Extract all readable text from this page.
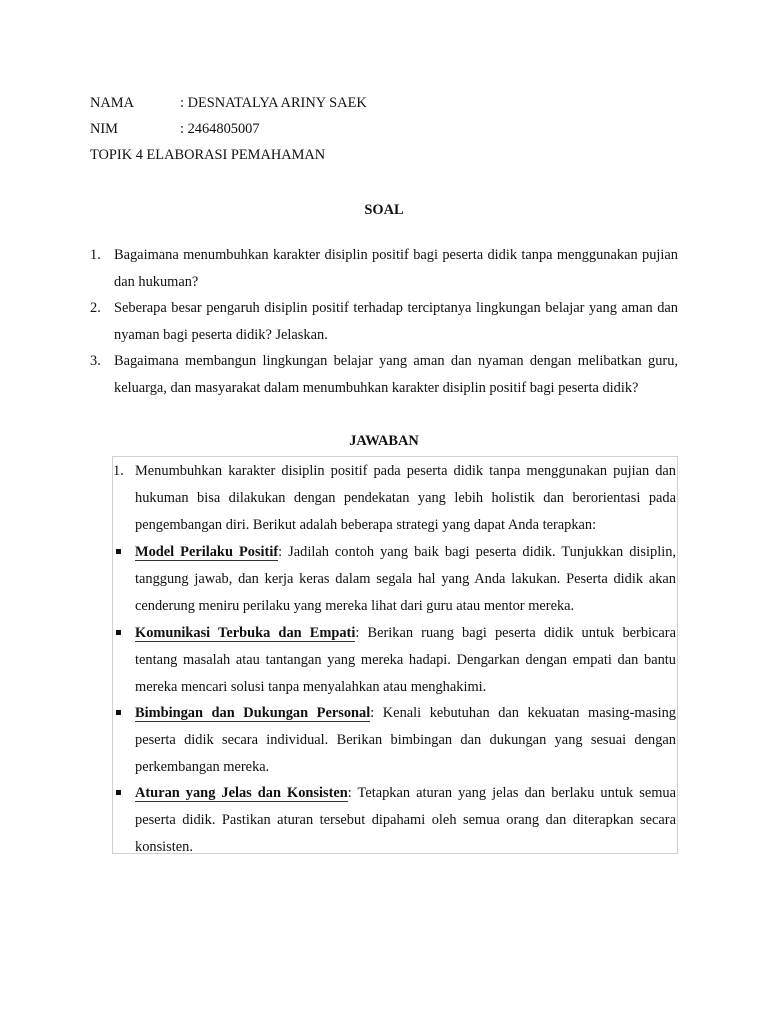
NAMA	: DESNATALYA ARINY SAEK
NIM	: 2464805007
TOPIK 4 ELABORASI PEMAHAMAN
SOAL
1. Bagaimana menumbuhkan karakter disiplin positif bagi peserta didik tanpa menggunakan pujian dan hukuman?
2. Seberapa besar pengaruh disiplin positif terhadap terciptanya lingkungan belajar yang aman dan nyaman bagi peserta didik? Jelaskan.
3. Bagaimana membangun lingkungan belajar yang aman dan nyaman dengan melibatkan guru, keluarga, dan masyarakat dalam menumbuhkan karakter disiplin positif bagi peserta didik?
JAWABAN
1. Menumbuhkan karakter disiplin positif pada peserta didik tanpa menggunakan pujian dan hukuman bisa dilakukan dengan pendekatan yang lebih holistik dan berorientasi pada pengembangan diri. Berikut adalah beberapa strategi yang dapat Anda terapkan:
Model Perilaku Positif: Jadilah contoh yang baik bagi peserta didik. Tunjukkan disiplin, tanggung jawab, dan kerja keras dalam segala hal yang Anda lakukan. Peserta didik akan cenderung meniru perilaku yang mereka lihat dari guru atau mentor mereka.
Komunikasi Terbuka dan Empati: Berikan ruang bagi peserta didik untuk berbicara tentang masalah atau tantangan yang mereka hadapi. Dengarkan dengan empati dan bantu mereka mencari solusi tanpa menyalahkan atau menghakimi.
Bimbingan dan Dukungan Personal: Kenali kebutuhan dan kekuatan masing-masing peserta didik secara individual. Berikan bimbingan dan dukungan yang sesuai dengan perkembangan mereka.
Aturan yang Jelas dan Konsisten: Tetapkan aturan yang jelas dan berlaku untuk semua peserta didik. Pastikan aturan tersebut dipahami oleh semua orang dan diterapkan secara konsisten.
